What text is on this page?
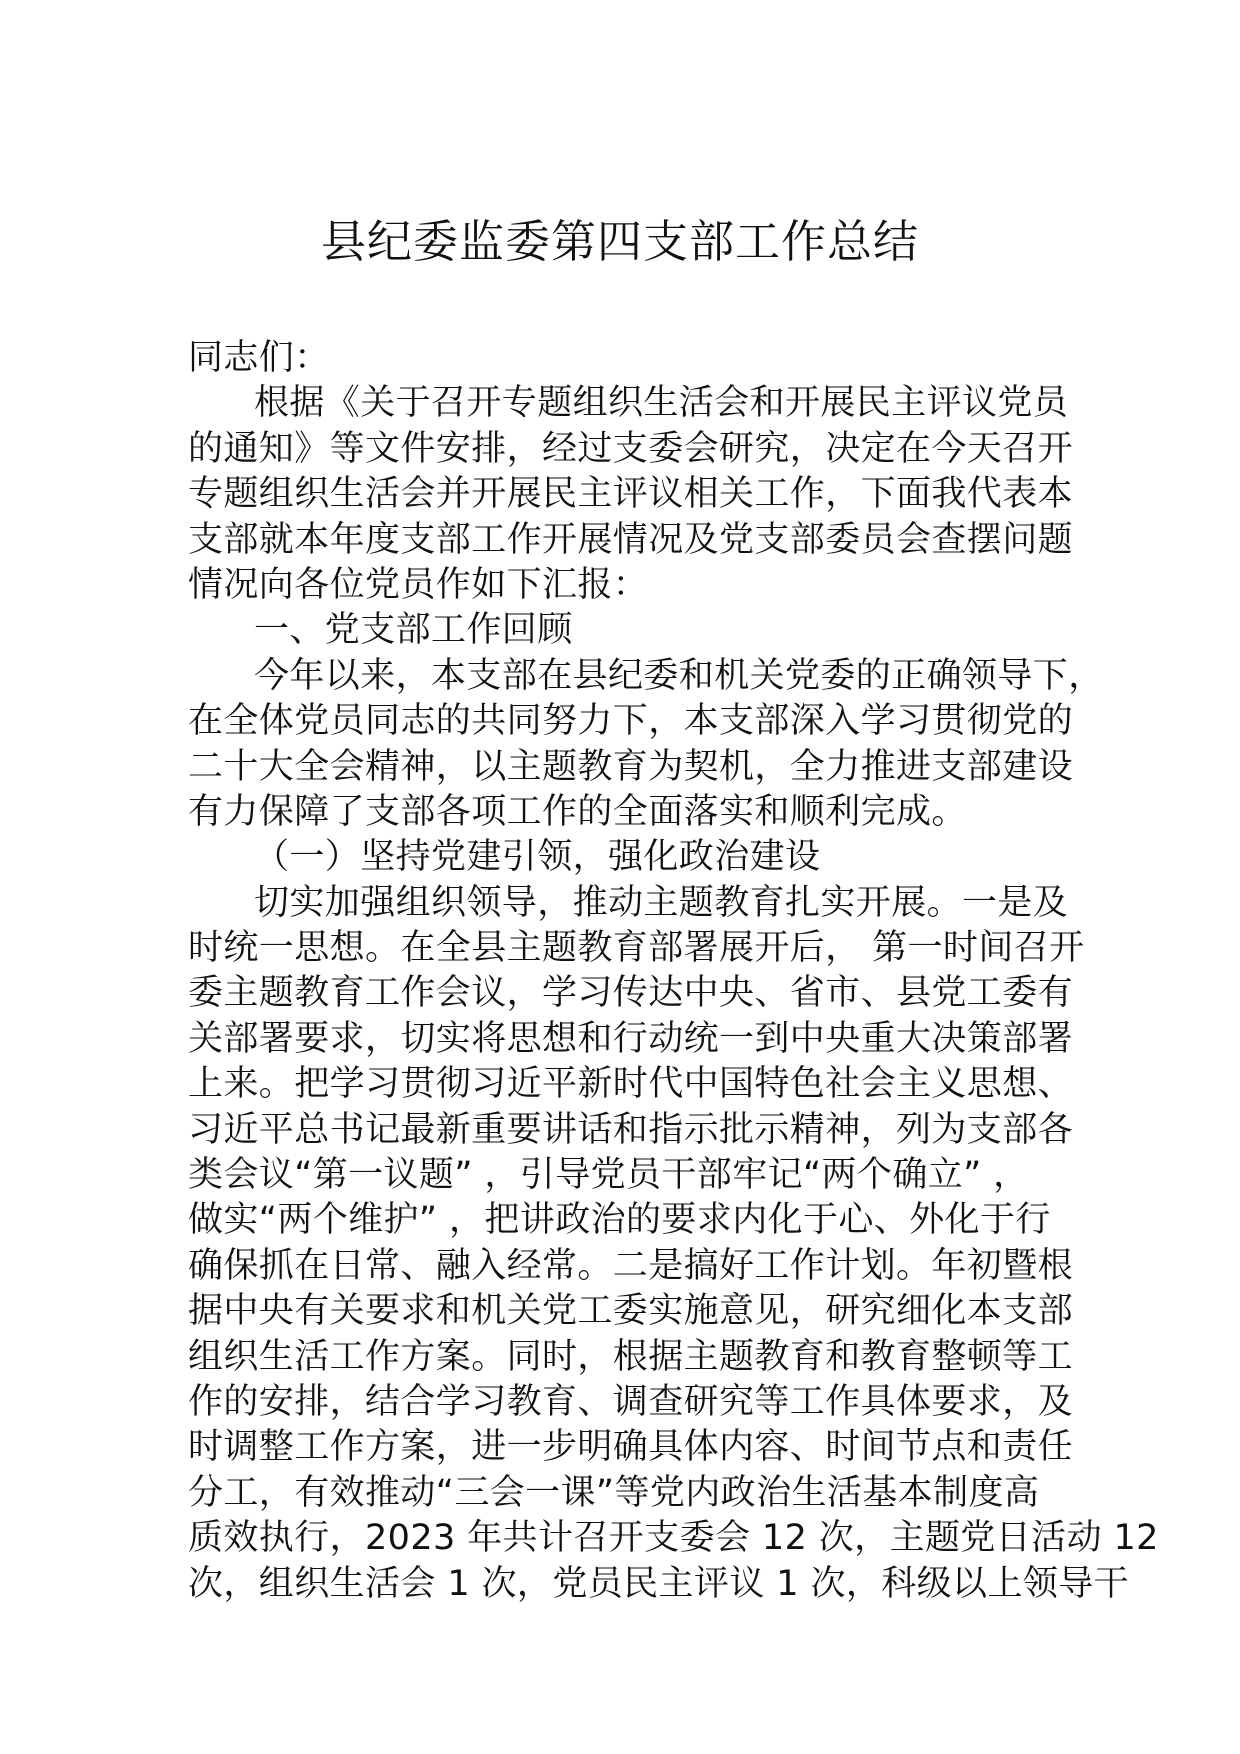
县纪委监委第四支部工作总结
同志们：
根据《关于召开专题组织生活会和开展民主评议党员
的通知》等文件安排，经过支委会研究，决定在今天召开
专题组织生活会并开展民主评议相关工作，下面我代表本
支部就本年度支部工作开展情况及党支部委员会查摆问题
情况向各位党员作如下汇报：
一、党支部工作回顾
今年以来，本支部在县纪委和机关党委的正确领导下，
在全体党员同志的共同努力下，本支部深入学习贯彻党的
二十大全会精神，以主题教育为契机，全力推进支部建设
有力保障了支部各项工作的全面落实和顺利完成。
（一）坚持党建引领，强化政治建设
切实加强组织领导，推动主题教育扎实开展。一是及
时统一思想。在全县主题教育部署展开后， 第一时间召开
委主题教育工作会议，学习传达中央、省市、县党工委有
关部署要求，切实将思想和行动统一到中央重大决策部署
上来。把学习贯彻习近平新时代中国特色社会主义思想、
习近平总书记最新重要讲话和指示批示精神，列为支部各
类会议“第一议题” ，引导党员干部牢记“两个确立” ，
做实“两个维护” ，把讲政治的要求内化于心、外化于行
确保抓在日常、融入经常。二是搞好工作计划。年初暨根
据中央有关要求和机关党工委实施意见，研究细化本支部
组织生活工作方案。同时，根据主题教育和教育整顿等工
作的安排，结合学习教育、调查研究等工作具体要求，及
时调整工作方案，进一步明确具体内容、时间节点和责任
分工，有效推动“三会一课”等党内政治生活基本制度高
质效执行，2023 年共计召开支委会 12 次，主题党日活动 12
次，组织生活会 1 次，党员民主评议 1 次，科级以上领导干
